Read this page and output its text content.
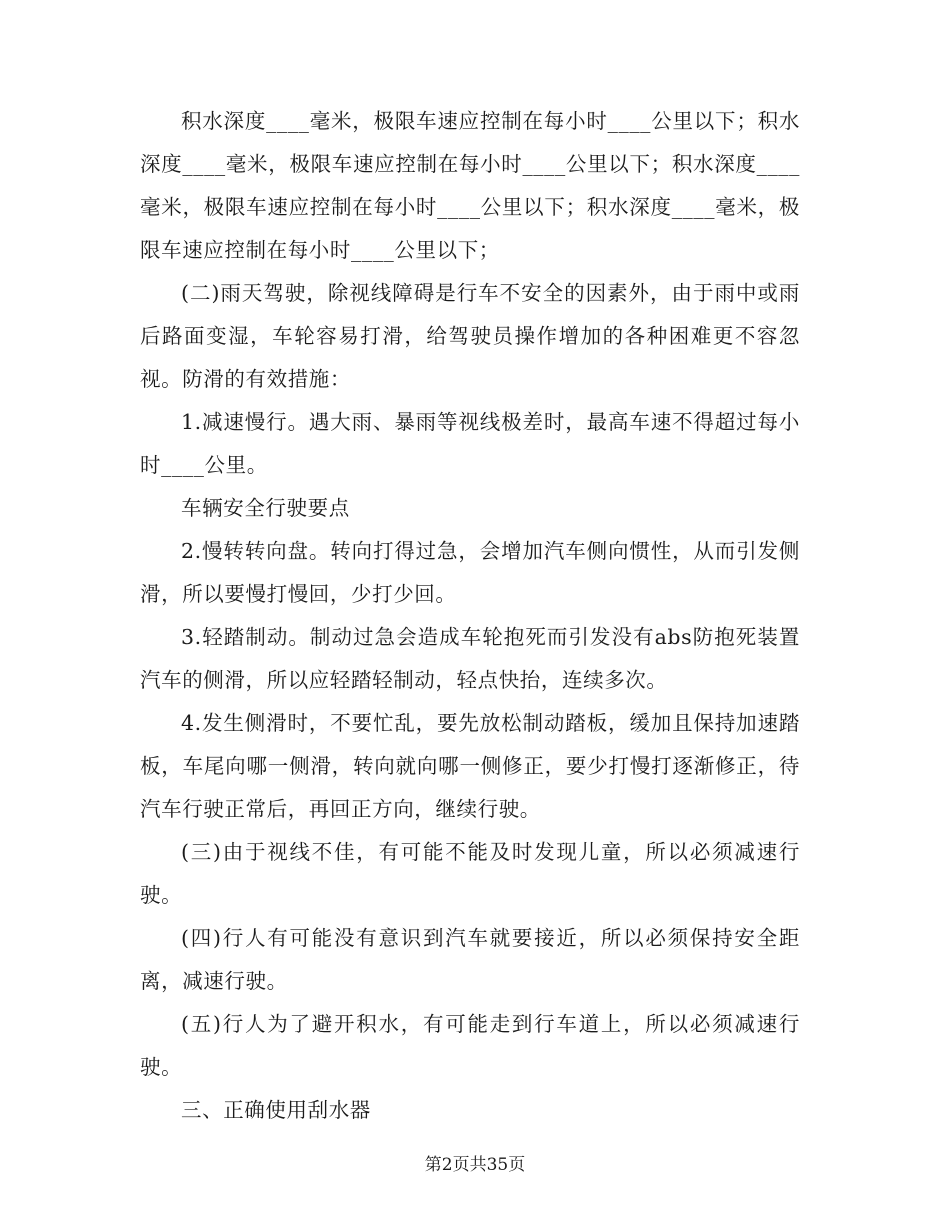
积水深度____毫米，极限车速应控制在每小时____公里以下；积水深度____毫米，极限车速应控制在每小时____公里以下；积水深度____毫米，极限车速应控制在每小时____公里以下；积水深度____毫米，极限车速应控制在每小时____公里以下；

(二)雨天驾驶，除视线障碍是行车不安全的因素外，由于雨中或雨后路面变湿，车轮容易打滑，给驾驶员操作增加的各种困难更不容忽视。防滑的有效措施：

1.减速慢行。遇大雨、暴雨等视线极差时，最高车速不得超过每小时____公里。

车辆安全行驶要点

2.慢转转向盘。转向打得过急，会增加汽车侧向惯性，从而引发侧滑，所以要慢打慢回，少打少回。

3.轻踏制动。制动过急会造成车轮抱死而引发没有abs防抱死装置汽车的侧滑，所以应轻踏轻制动，轻点快抬，连续多次。

4.发生侧滑时，不要忙乱，要先放松制动踏板，缓加且保持加速踏板，车尾向哪一侧滑，转向就向哪一侧修正，要少打慢打逐渐修正，待汽车行驶正常后，再回正方向，继续行驶。

(三)由于视线不佳，有可能不能及时发现儿童，所以必须减速行驶。

(四)行人有可能没有意识到汽车就要接近，所以必须保持安全距离，减速行驶。

(五)行人为了避开积水，有可能走到行车道上，所以必须减速行驶。

三、正确使用刮水器

第2页共35页
